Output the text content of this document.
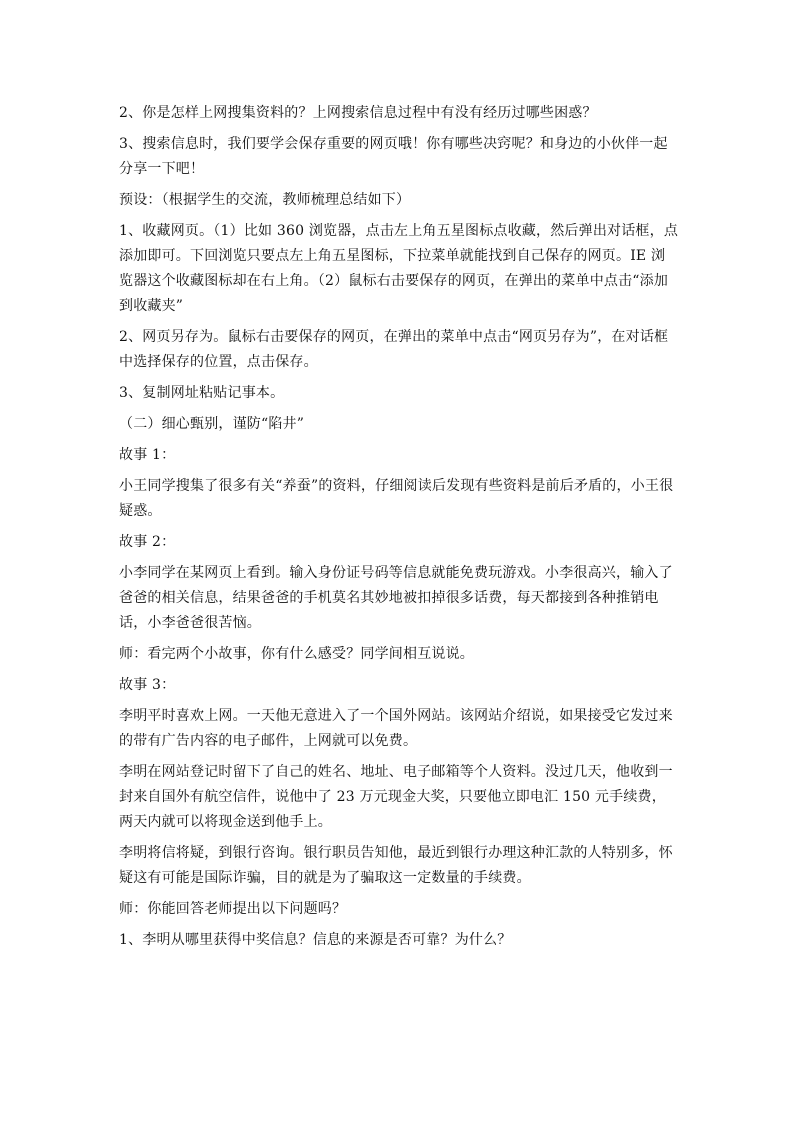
2、你是怎样上网搜集资料的？上网搜索信息过程中有没有经历过哪些困惑？

3、搜索信息时，我们要学会保存重要的网页哦！你有哪些决窍呢？和身边的小伙伴一起分享一下吧！

预设：（根据学生的交流，教师梳理总结如下）

1、收藏网页。（1）比如 360 浏览器，点击左上角五星图标点收藏，然后弹出对话框，点添加即可。下回浏览只要点左上角五星图标，下拉菜单就能找到自己保存的网页。IE 浏览器这个收藏图标却在右上角。（2）鼠标右击要保存的网页，在弹出的菜单中点击“添加到收藏夹”

2、网页另存为。鼠标右击要保存的网页，在弹出的菜单中点击“网页另存为”，在对话框中选择保存的位置，点击保存。

3、复制网址粘贴记事本。

（二）细心甄别，谨防“陷井”

故事 1：

小王同学搜集了很多有关“养蚕”的资料，仔细阅读后发现有些资料是前后矛盾的，小王很疑惑。

故事 2：

小李同学在某网页上看到。输入身份证号码等信息就能免费玩游戏。小李很高兴，输入了爸爸的相关信息，结果爸爸的手机莫名其妙地被扣掉很多话费，每天都接到各种推销电话，小李爸爸很苦恼。

师：看完两个小故事，你有什么感受？同学间相互说说。

故事 3：

李明平时喜欢上网。一天他无意进入了一个国外网站。该网站介绍说，如果接受它发过来的带有广告内容的电子邮件，上网就可以免费。

李明在网站登记时留下了自己的姓名、地址、电子邮箱等个人资料。没过几天，他收到一封来自国外有航空信件，说他中了 23 万元现金大奖，只要他立即电汇 150 元手续费，两天内就可以将现金送到他手上。

李明将信将疑，到银行咨询。银行职员告知他，最近到银行办理这种汇款的人特别多，怀疑这有可能是国际诈骗，目的就是为了骗取这一定数量的手续费。

师：你能回答老师提出以下问题吗？

1、李明从哪里获得中奖信息？信息的来源是否可靠？为什么？
